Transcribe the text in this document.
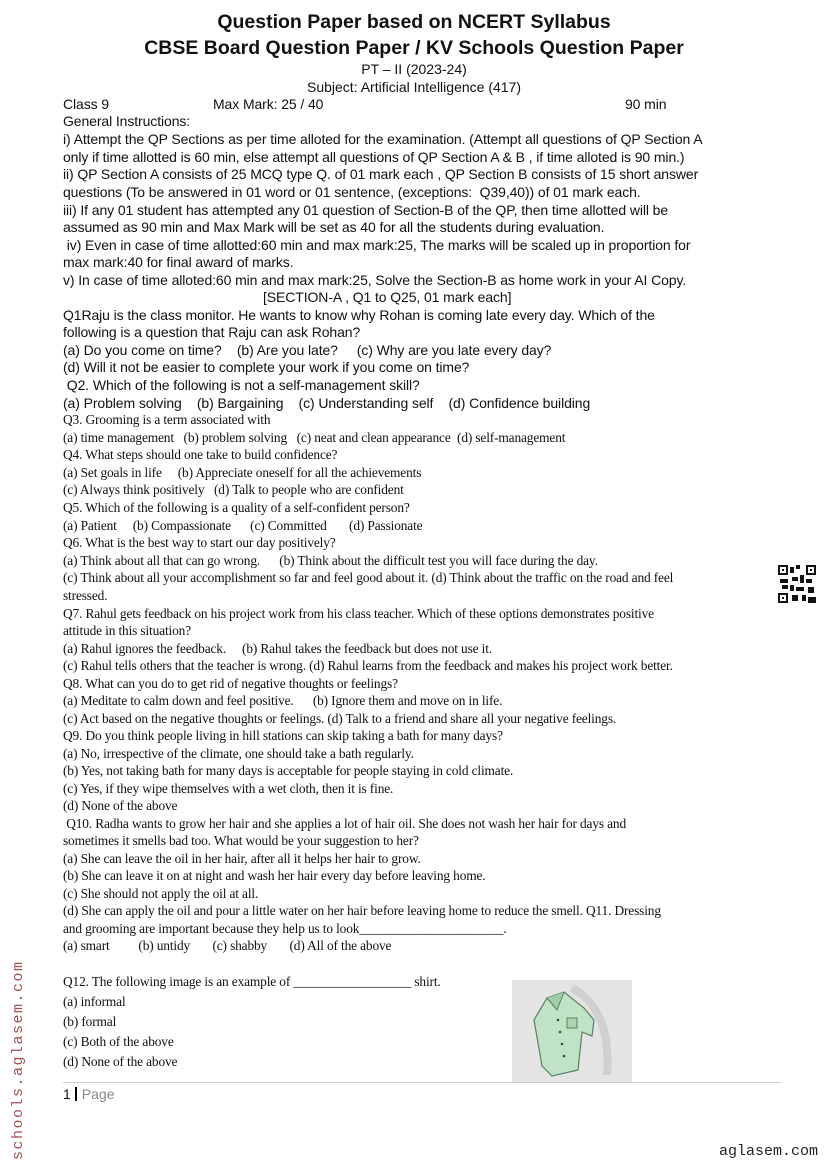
Question Paper based on NCERT Syllabus
CBSE Board Question Paper / KV Schools Question Paper
PT – II (2023-24)
Subject: Artificial Intelligence (417)
Class 9	Max Mark: 25 / 40	90 min
General Instructions:
i) Attempt the QP Sections as per time alloted for the examination. (Attempt all questions of QP Section A
only if time allotted is 60 min, else attempt all questions of QP Section A & B , if time alloted is 90 min.)
ii) QP Section A consists of 25 MCQ type Q. of 01 mark each , QP Section B consists of 15 short answer
questions (To be answered in 01 word or 01 sentence, (exceptions:  Q39,40)) of 01 mark each.
iii) If any 01 student has attempted any 01 question of Section-B of the QP, then time allotted will be
assumed as 90 min and Max Mark will be set as 40 for all the students during evaluation.
iv) Even in case of time allotted:60 min and max mark:25, The marks will be scaled up in proportion for
max mark:40 for final award of marks.
v) In case of time alloted:60 min and max mark:25, Solve the Section-B as home work in your AI Copy.
[SECTION-A , Q1 to Q25, 01 mark each]
Q1Raju is the class monitor. He wants to know why Rohan is coming late every day. Which of the
following is a question that Raju can ask Rohan?
(a) Do you come on time?    (b) Are you late?     (c) Why are you late every day?
(d) Will it not be easier to complete your work if you come on time?
Q2. Which of the following is not a self-management skill?
(a) Problem solving    (b) Bargaining    (c) Understanding self    (d) Confidence building
Q3. Grooming is a term associated with
(a) time management   (b) problem solving   (c) neat and clean appearance  (d) self-management
Q4. What steps should one take to build confidence?
(a) Set goals in life     (b) Appreciate oneself for all the achievements
(c) Always think positively   (d) Talk to people who are confident
Q5. Which of the following is a quality of a self-confident person?
(a) Patient     (b) Compassionate      (c) Committed       (d) Passionate
Q6. What is the best way to start our day positively?
(a) Think about all that can go wrong.      (b) Think about the difficult test you will face during the day.
(c) Think about all your accomplishment so far and feel good about it. (d) Think about the traffic on the road and feel
stressed.
Q7. Rahul gets feedback on his project work from his class teacher. Which of these options demonstrates positive
attitude in this situation?
(a) Rahul ignores the feedback.     (b) Rahul takes the feedback but does not use it.
(c) Rahul tells others that the teacher is wrong. (d) Rahul learns from the feedback and makes his project work better.
Q8. What can you do to get rid of negative thoughts or feelings?
(a) Meditate to calm down and feel positive.      (b) Ignore them and move on in life.
(c) Act based on the negative thoughts or feelings. (d) Talk to a friend and share all your negative feelings.
Q9. Do you think people living in hill stations can skip taking a bath for many days?
(a) No, irrespective of the climate, one should take a bath regularly.
(b) Yes, not taking bath for many days is acceptable for people staying in cold climate.
(c) Yes, if they wipe themselves with a wet cloth, then it is fine.
(d) None of the above
Q10. Radha wants to grow her hair and she applies a lot of hair oil. She does not wash her hair for days and
sometimes it smells bad too. What would be your suggestion to her?
(a) She can leave the oil in her hair, after all it helps her hair to grow.
(b) She can leave it on at night and wash her hair every day before leaving home.
(c) She should not apply the oil at all.
(d) She can apply the oil and pour a little water on her hair before leaving home to reduce the smell. Q11. Dressing
and grooming are important because they help us to look______________________.
(a) smart         (b) untidy       (c) shabby       (d) All of the above
Q12. The following image is an example of __________________ shirt.
(a) informal
(b) formal
(c) Both of the above
(d) None of the above
1 Page
schools.aglasem.com	aglasem.com
